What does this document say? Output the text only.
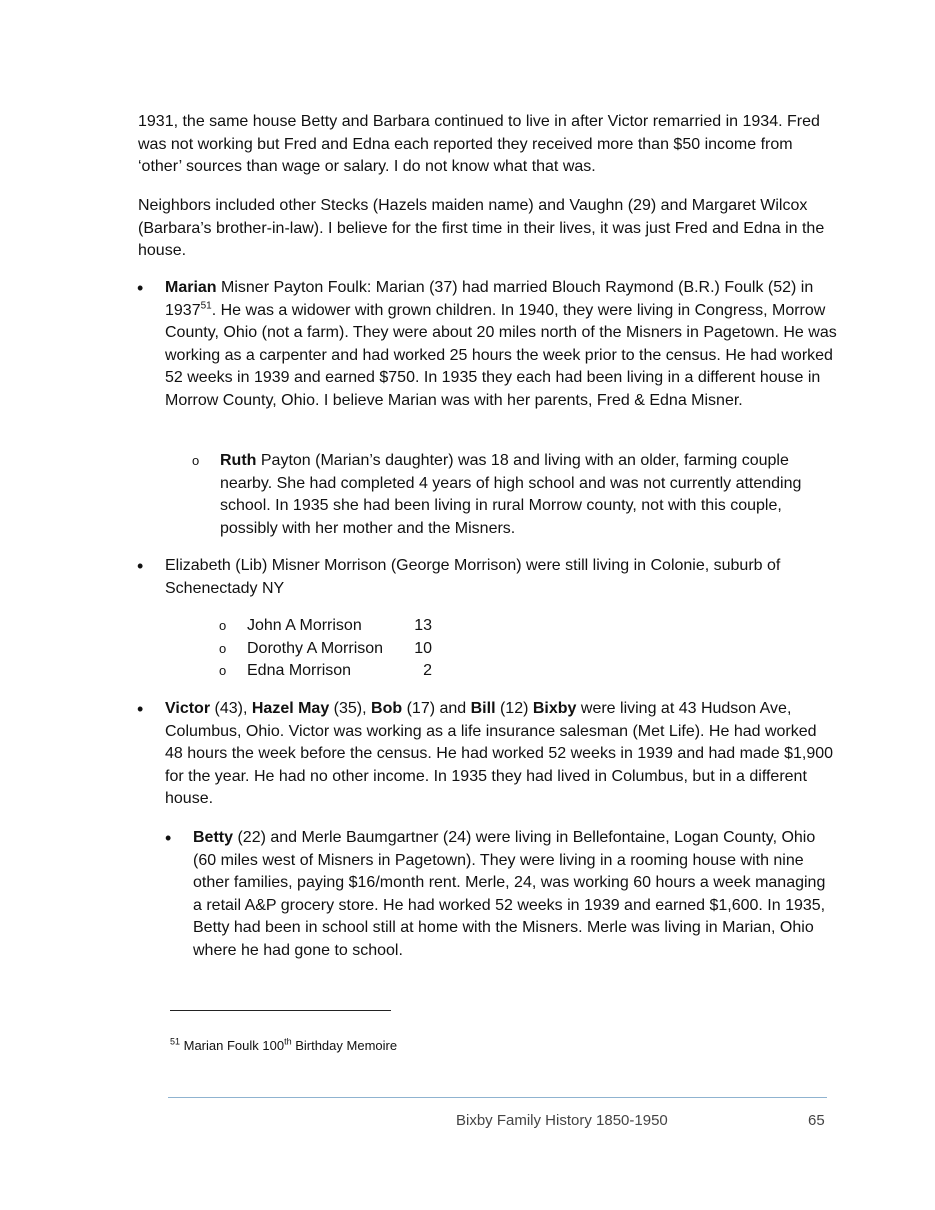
1931, the same house Betty and Barbara continued to live in after Victor remarried in 1934. Fred was not working but Fred and Edna each reported they received more than $50 income from ‘other’ sources than wage or salary. I do not know what that was.

Neighbors included other Stecks (Hazels maiden name) and Vaughn (29) and Margaret Wilcox (Barbara’s brother-in-law). I believe for the first time in their lives, it was just Fred and Edna in the house.

•	Marian Misner Payton Foulk: Marian (37) had married Blouch Raymond (B.R.) Foulk (52) in 1937$^{51}$. He was a widower with grown children. In 1940, they were living in Congress, Morrow County, Ohio (not a farm). They were about 20 miles north of the Misners in Pagetown. He was working as a carpenter and had worked 25 hours the week prior to the census. He had worked 52 weeks in 1939 and earned $750. In 1935 they each had been living in a different house in Morrow County, Ohio. I believe Marian was with her parents, Fred & Edna Misner.
o	Ruth Payton (Marian’s daughter) was 18 and living with an older, farming couple nearby. She had completed 4 years of high school and was not currently attending school. In 1935 she had been living in rural Morrow county, not with this couple, possibly with her mother and the Misners.
•	Elizabeth (Lib) Misner Morrison (George Morrison) were still living in Colonie, suburb of Schenectady NY
o	John A Morrison	13
o	Dorothy A Morrison 10
o	Edna Morrison	2
•	Victor (43), Hazel May (35), Bob (17) and Bill (12) Bixby were living at 43 Hudson Ave, Columbus, Ohio. Victor was working as a life insurance salesman (Met Life). He had worked 48 hours the week before the census. He had worked 52 weeks in 1939 and had made $1,900 for the year. He had no other income. In 1935 they had lived in Columbus, but in a different house.
•	Betty (22) and Merle Baumgartner (24) were living in Bellefontaine, Logan County, Ohio (60 miles west of Misners in Pagetown). They were living in a rooming house with nine other families, paying $16/month rent. Merle, 24, was working 60 hours a week managing a retail A&P grocery store. He had worked 52 weeks in 1939 and earned $1,600. In 1935, Betty had been in school still at home with the Misners. Merle was living in Marian, Ohio where he had gone to school.
$^{51}$ Marian Foulk 100th Birthday Memoire
Bixby Family History 1850-1950	65
